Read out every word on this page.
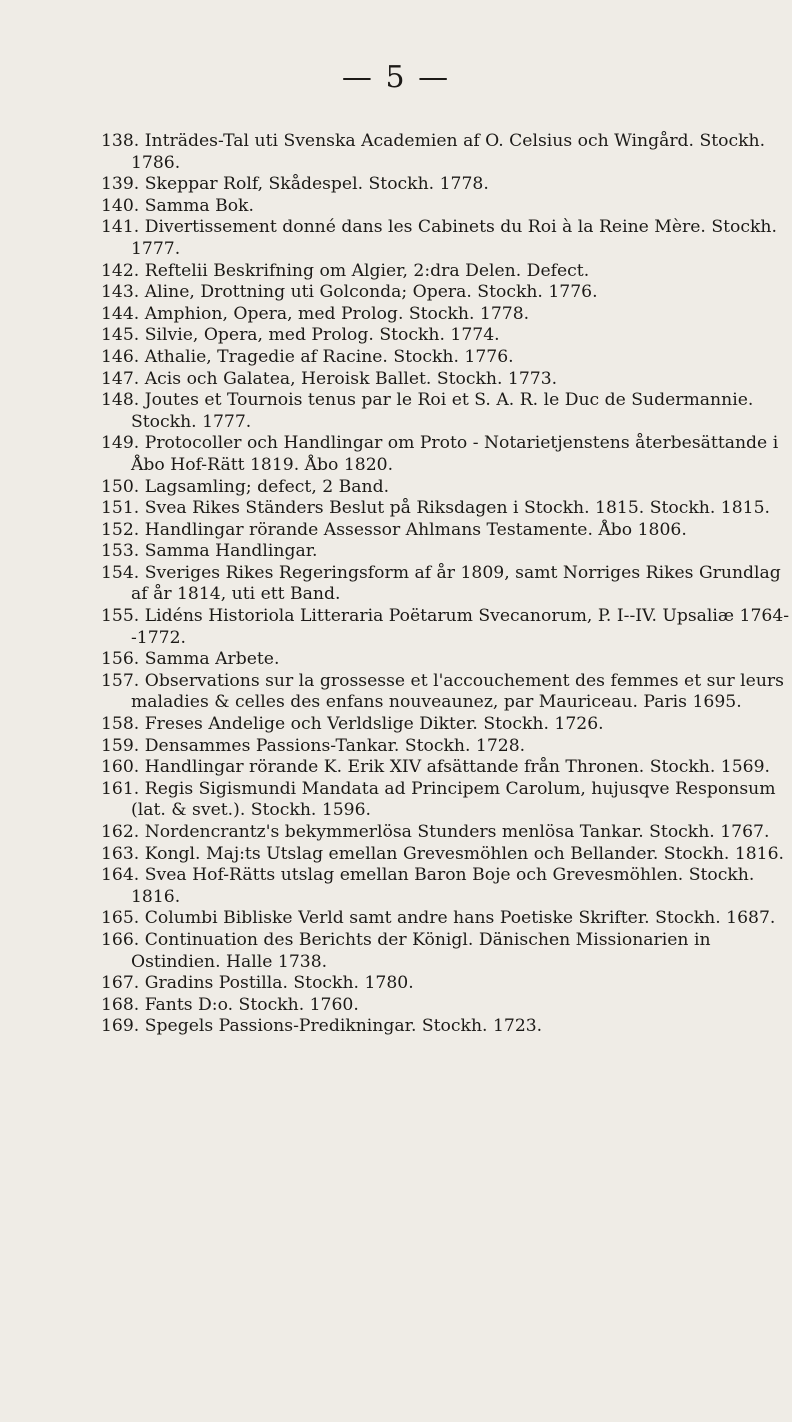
— 5 —
138. Inträdes-Tal uti Svenska Academien af O. Celsius och Wingård. Stockh. 1786.
139. Skeppar Rolf, Skådespel. Stockh. 1778.
140. Samma Bok.
141. Divertissement donné dans les Cabinets du Roi à la Reine Mère. Stockh. 1777.
142. Reftelii Beskrifning om Algier, 2:dra Delen. Defect.
143. Aline, Drottning uti Golconda; Opera. Stockh. 1776.
144. Amphion, Opera, med Prolog. Stockh. 1778.
145. Silvie, Opera, med Prolog. Stockh. 1774.
146. Athalie, Tragedie af Racine. Stockh. 1776.
147. Acis och Galatea, Heroisk Ballet. Stockh. 1773.
148. Joutes et Tournois tenus par le Roi et S. A. R. le Duc de Sudermannie. Stockh. 1777.
149. Protocoller och Handlingar om Proto - Notarietjenstens återbesättande i Åbo Hof-Rätt 1819. Åbo 1820.
150. Lagsamling; defect, 2 Band.
151. Svea Rikes Ständers Beslut på Riksdagen i Stockh. 1815. Stockh. 1815.
152. Handlingar rörande Assessor Ahlmans Testamente. Åbo 1806.
153. Samma Handlingar.
154. Sveriges Rikes Regeringsform af år 1809, samt Norriges Rikes Grundlag af år 1814, uti ett Band.
155. Lidéns Historiola Litteraria Poëtarum Svecanorum, P. I--IV. Upsaliæ 1764--1772.
156. Samma Arbete.
157. Observations sur la grossesse et l'accouchement des femmes et sur leurs maladies & celles des enfans nouveaunez, par Mauriceau. Paris 1695.
158. Freses Andelige och Verldslige Dikter. Stockh. 1726.
159. Densammes Passions-Tankar. Stockh. 1728.
160. Handlingar rörande K. Erik XIV afsättande från Thronen. Stockh. 1569.
161. Regis Sigismundi Mandata ad Principem Carolum, hujusqve Responsum (lat. & svet.). Stockh. 1596.
162. Nordencrantz's bekymmerlösa Stunders menlösa Tankar. Stockh. 1767.
163. Kongl. Maj:ts Utslag emellan Grevesmöhlen och Bellander. Stockh. 1816.
164. Svea Hof-Rätts utslag emellan Baron Boje och Grevesmöhlen. Stockh. 1816.
165. Columbi Bibliske Verld samt andre hans Poetiske Skrifter. Stockh. 1687.
166. Continuation des Berichts der Königl. Dänischen Missionarien in Ostindien. Halle 1738.
167. Gradins Postilla. Stockh. 1780.
168. Fants D:o. Stockh. 1760.
169. Spegels Passions-Predikningar. Stockh. 1723.
